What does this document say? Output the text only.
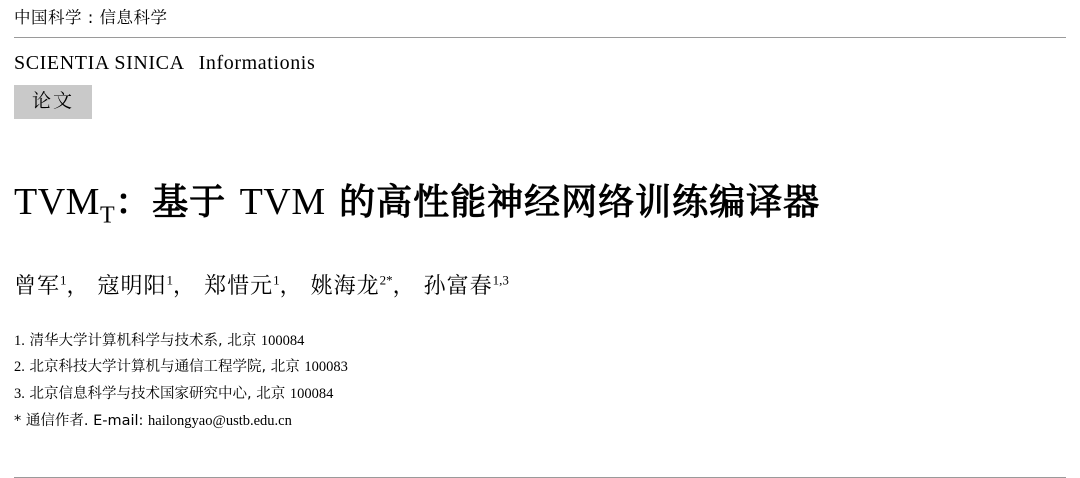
中国科学 : 信息科学
SCIENTIA SINICA Informationis
论文
$TVM_T$：基于 TVM 的高性能神经网络训练编译器
曾军$^1$， 寇明阳$^1$， 郑惜元$^1$， 姚海龙$^{2*}$， 孙富春$^{1,3}$
1. 清华大学计算机科学与技术系, 北京 100084
2. 北京科技大学计算机与通信工程学院, 北京 100083
3. 北京信息科学与技术国家研究中心, 北京 100084
* 通信作者. E-mail: hailongyao@ustb.edu.cn
